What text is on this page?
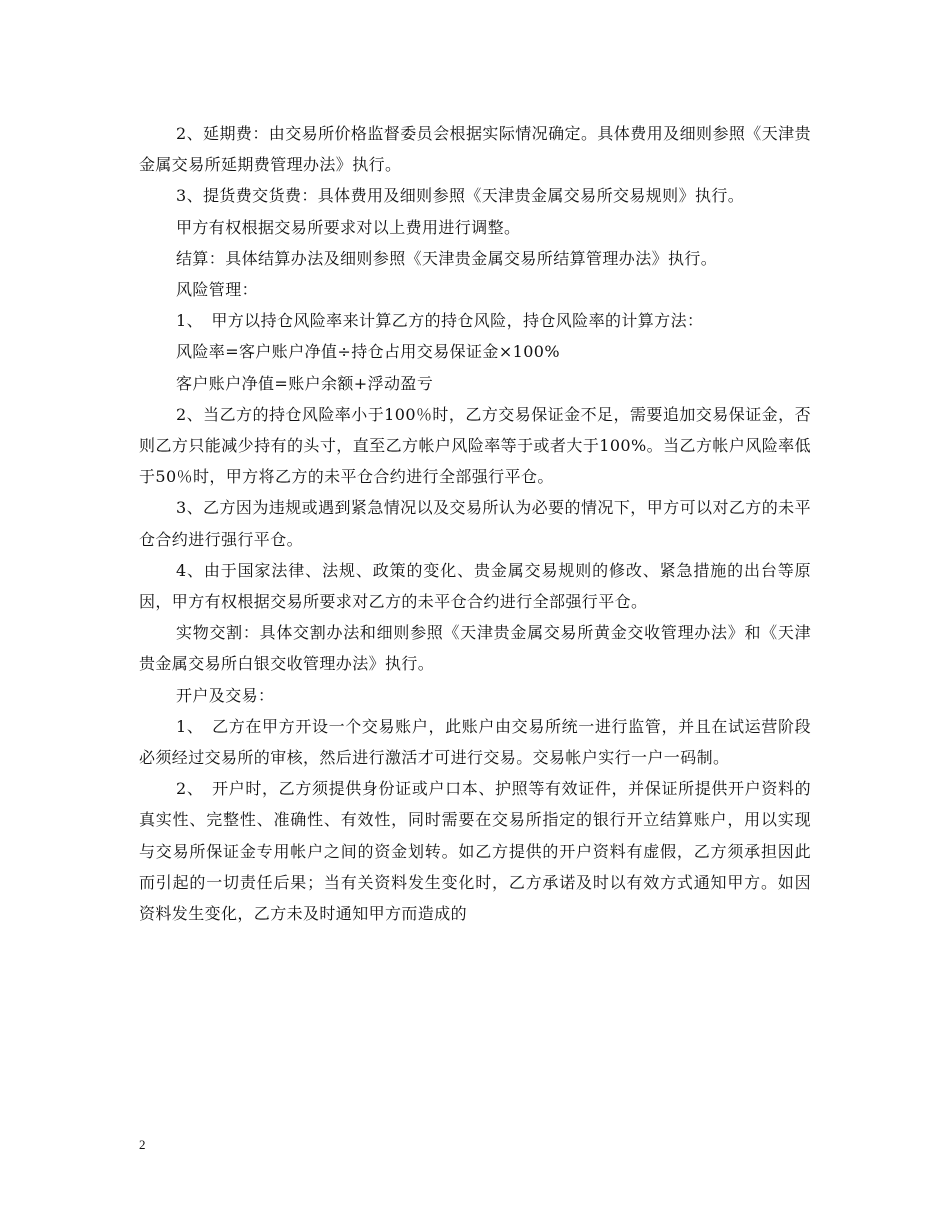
2、延期费：由交易所价格监督委员会根据实际情况确定。具体费用及细则参照《天津贵金属交易所延期费管理办法》执行。

3、提货费交货费：具体费用及细则参照《天津贵金属交易所交易规则》执行。

甲方有权根据交易所要求对以上费用进行调整。

结算：具体结算办法及细则参照《天津贵金属交易所结算管理办法》执行。

风险管理：

1、　甲方以持仓风险率来计算乙方的持仓风险，持仓风险率的计算方法：

风险率=客户账户净值÷持仓占用交易保证金×100%

客户账户净值=账户余额+浮动盈亏

2、当乙方的持仓风险率小于100％时，乙方交易保证金不足，需要追加交易保证金，否则乙方只能减少持有的头寸，直至乙方帐户风险率等于或者大于100%。当乙方帐户风险率低于50％时，甲方将乙方的未平仓合约进行全部强行平仓。

3、乙方因为违规或遇到紧急情况以及交易所认为必要的情况下，甲方可以对乙方的未平仓合约进行强行平仓。

4、由于国家法律、法规、政策的变化、贵金属交易规则的修改、紧急措施的出台等原因，甲方有权根据交易所要求对乙方的未平仓合约进行全部强行平仓。

实物交割：具体交割办法和细则参照《天津贵金属交易所黄金交收管理办法》和《天津贵金属交易所白银交收管理办法》执行。

开户及交易：

1、　乙方在甲方开设一个交易账户，此账户由交易所统一进行监管，并且在试运营阶段必须经过交易所的审核，然后进行激活才可进行交易。交易帐户实行一户一码制。

2、　开户时，乙方须提供身份证或户口本、护照等有效证件，并保证所提供开户资料的真实性、完整性、准确性、有效性，同时需要在交易所指定的银行开立结算账户，用以实现与交易所保证金专用帐户之间的资金划转。如乙方提供的开户资料有虚假，乙方须承担因此而引起的一切责任后果；当有关资料发生变化时，乙方承诺及时以有效方式通知甲方。如因资料发生变化，乙方未及时通知甲方而造成的

2
